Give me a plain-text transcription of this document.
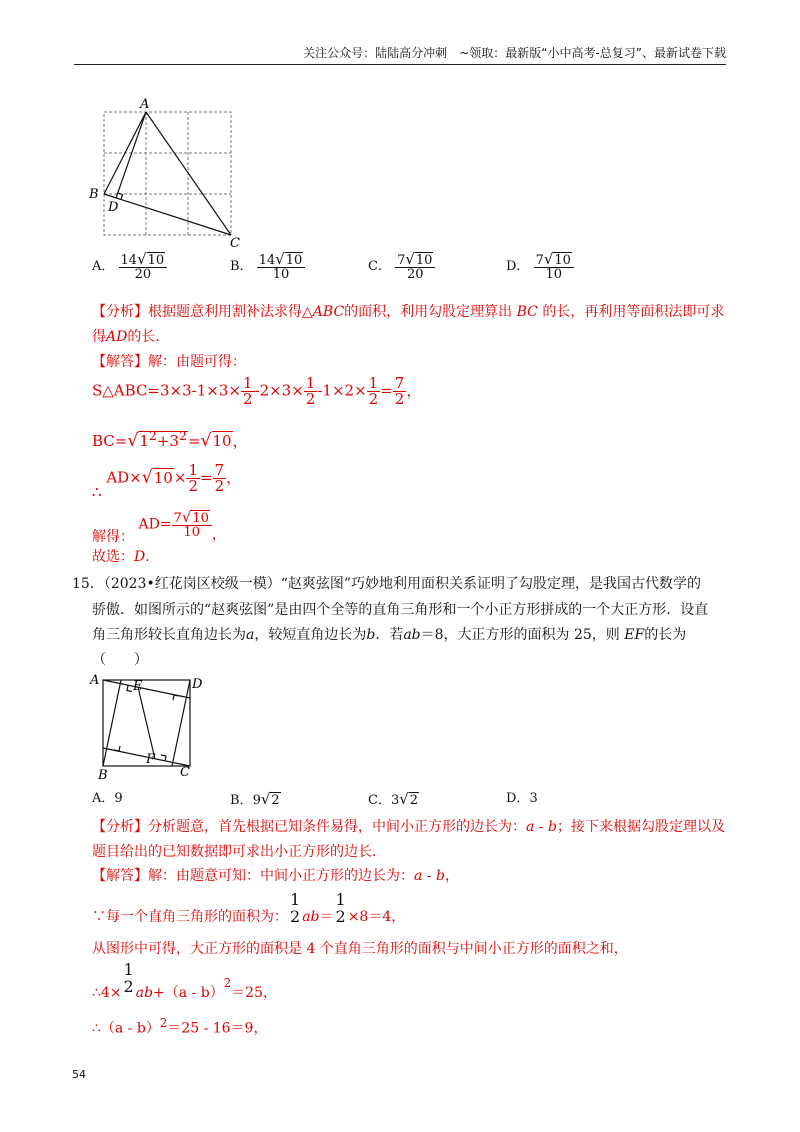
关注公众号：陆陆高分冲刺　~领取：最新版“小中高考-总复习”、最新试卷下载
A
B
D
C
A． $\frac{14√10}{20}$	B． $\frac{14√10}{10}$	C． $\frac{7√10}{20}$	D． $\frac{7√10}{10}$
【分析】根据题意利用割补法求得△ABC的面积，利用勾股定理算出 BC 的长，再利用等面积法即可求
得AD的长．
【解答】解：由题可得：
S△ABC=3×3-1×3× $\frac{1}{2} -2\times 3\times \frac{1}{2} -1\times 2\times \frac{1}{2} = \frac{7}{2}$ ，
$BC=√1^2+3^2=√10$，
∴ $AD\times√10\times \frac{1}{2} = \frac{7}{2}$ ，
解得： $AD= \frac{7√10}{10}$ ，
故选：D．
15．（2023•红花岗区校级一模）“赵爽弦图”巧妙地利用面积关系证明了勾股定理，是我国古代数学的
骄傲．如图所示的“赵爽弦图”是由四个全等的直角三角形和一个小正方形拼成的一个大正方形．设直
角三角形较长直角边长为a，较短直角边长为b．若ab＝8，大正方形的面积为 25，则 EF的长为
（　　）
A	E	D
F
B	C
A．9	B．9√2	C．3√2	D．3
【分析】分析题意，首先根据已知条件易得，中间小正方形的边长为：a - b；接下来根据勾股定理以及
题目给出的已知数据即可求出小正方形的边长．
【解答】解：由题意可知：中间小正方形的边长为：a - b，
∵每一个直角三角形的面积为：
1
2 ab＝
1
2 ×8＝4，
从图形中可得，大正方形的面积是 4 个直角三角形的面积与中间小正方形的面积之和，
∴4×
1
2 ab+（a - b）$^2$＝25，
∴（a - b）$^2$＝25 - 16＝9，
54
